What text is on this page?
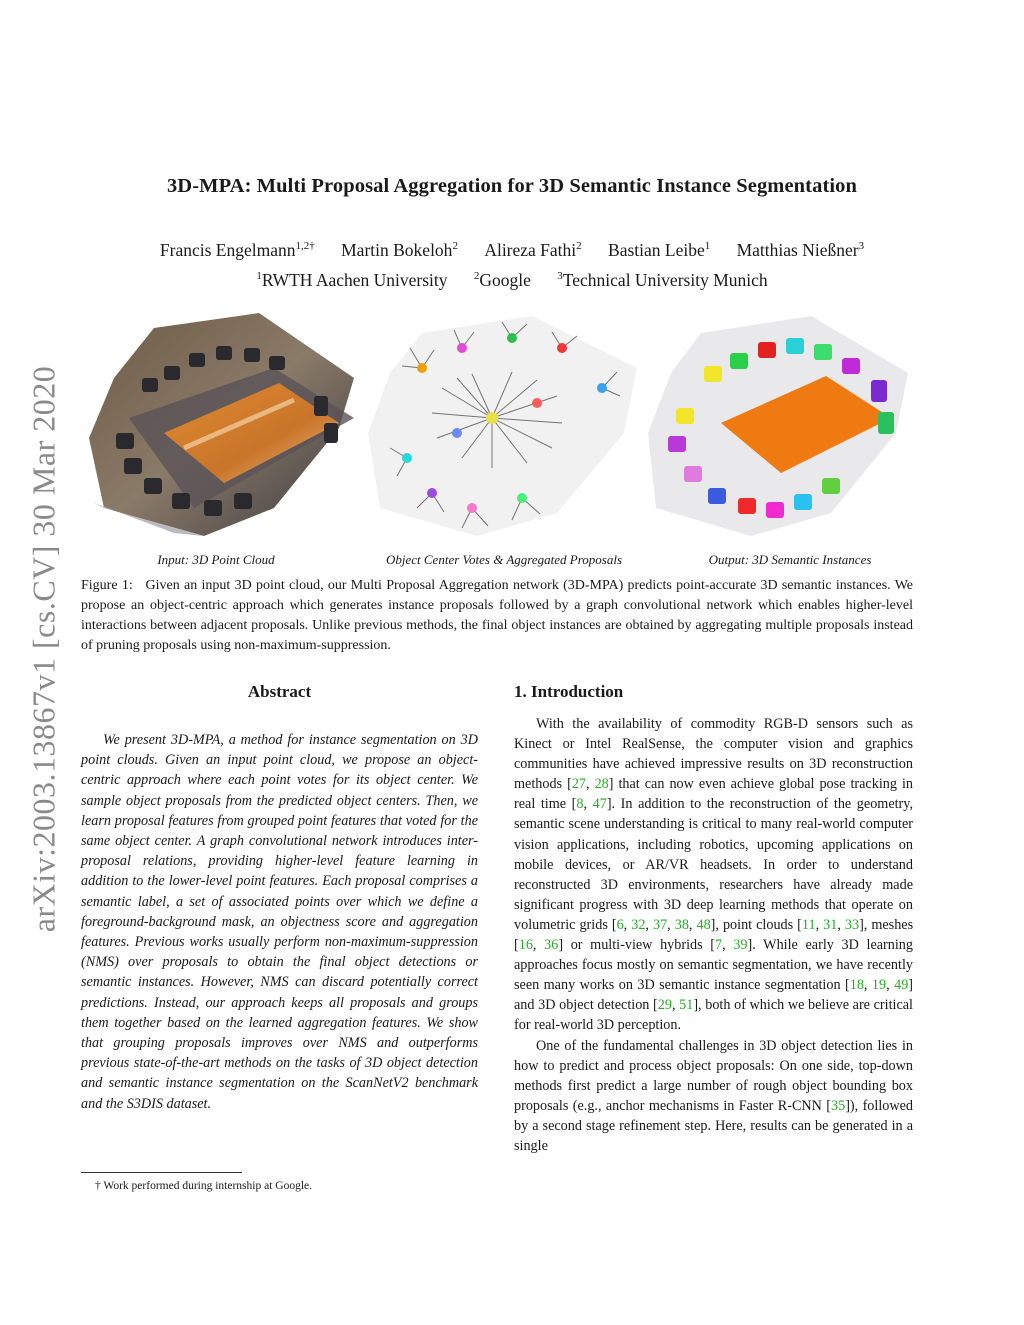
arXiv:2003.13867v1 [cs.CV] 30 Mar 2020
3D-MPA: Multi Proposal Aggregation for 3D Semantic Instance Segmentation
Francis Engelmann$^{1,2\dagger}$ Martin Bokeloh$^2$ Alireza Fathi$^2$ Bastian Leibe$^1$ Matthias Nießner$^3$
$^1$RWTH Aachen University $^2$Google $^3$Technical University Munich
Input: 3D Point Cloud	Object Center Votes & Aggregated Proposals	Output: 3D Semantic Instances
Figure 1: Given an input 3D point cloud, our Multi Proposal Aggregation network (3D-MPA) predicts point-accurate 3D semantic instances. We propose an object-centric approach which generates instance proposals followed by a graph convolutional network which enables higher-level interactions between adjacent proposals. Unlike previous methods, the final object instances are obtained by aggregating multiple proposals instead of pruning proposals using non-maximum-suppression.
Abstract
We present 3D-MPA, a method for instance segmentation on 3D point clouds. Given an input point cloud, we propose an object-centric approach where each point votes for its object center. We sample object proposals from the predicted object centers. Then, we learn proposal features from grouped point features that voted for the same object center. A graph convolutional network introduces inter-proposal relations, providing higher-level feature learning in addition to the lower-level point features. Each proposal comprises a semantic label, a set of associated points over which we define a foreground-background mask, an objectness score and aggregation features. Previous works usually perform non-maximum-suppression (NMS) over proposals to obtain the final object detections or semantic instances. However, NMS can discard potentially correct predictions. Instead, our approach keeps all proposals and groups them together based on the learned aggregation features. We show that grouping proposals improves over NMS and outperforms previous state-of-the-art methods on the tasks of 3D object detection and semantic instance segmentation on the ScanNetV2 benchmark and the S3DIS dataset.
1. Introduction

With the availability of commodity RGB-D sensors such as Kinect or Intel RealSense, the computer vision and graphics communities have achieved impressive results on 3D reconstruction methods [27, 28] that can now even achieve global pose tracking in real time [8, 47]. In addition to the reconstruction of the geometry, semantic scene understanding is critical to many real-world computer vision applications, including robotics, upcoming applications on mobile devices, or AR/VR headsets. In order to understand reconstructed 3D environments, researchers have already made significant progress with 3D deep learning methods that operate on volumetric grids [6, 32, 37, 38, 48], point clouds [11, 31, 33], meshes [16, 36] or multi-view hybrids [7, 39]. While early 3D learning approaches focus mostly on semantic segmentation, we have recently seen many works on 3D semantic instance segmentation [18, 19, 49] and 3D object detection [29, 51], both of which we believe are critical for real-world 3D perception.

One of the fundamental challenges in 3D object detection lies in how to predict and process object proposals: On one side, top-down methods first predict a large number of rough object bounding box proposals (e.g., anchor mechanisms in Faster R-CNN [35]), followed by a second stage refinement step. Here, results can be generated in a single

† Work performed during internship at Google.
